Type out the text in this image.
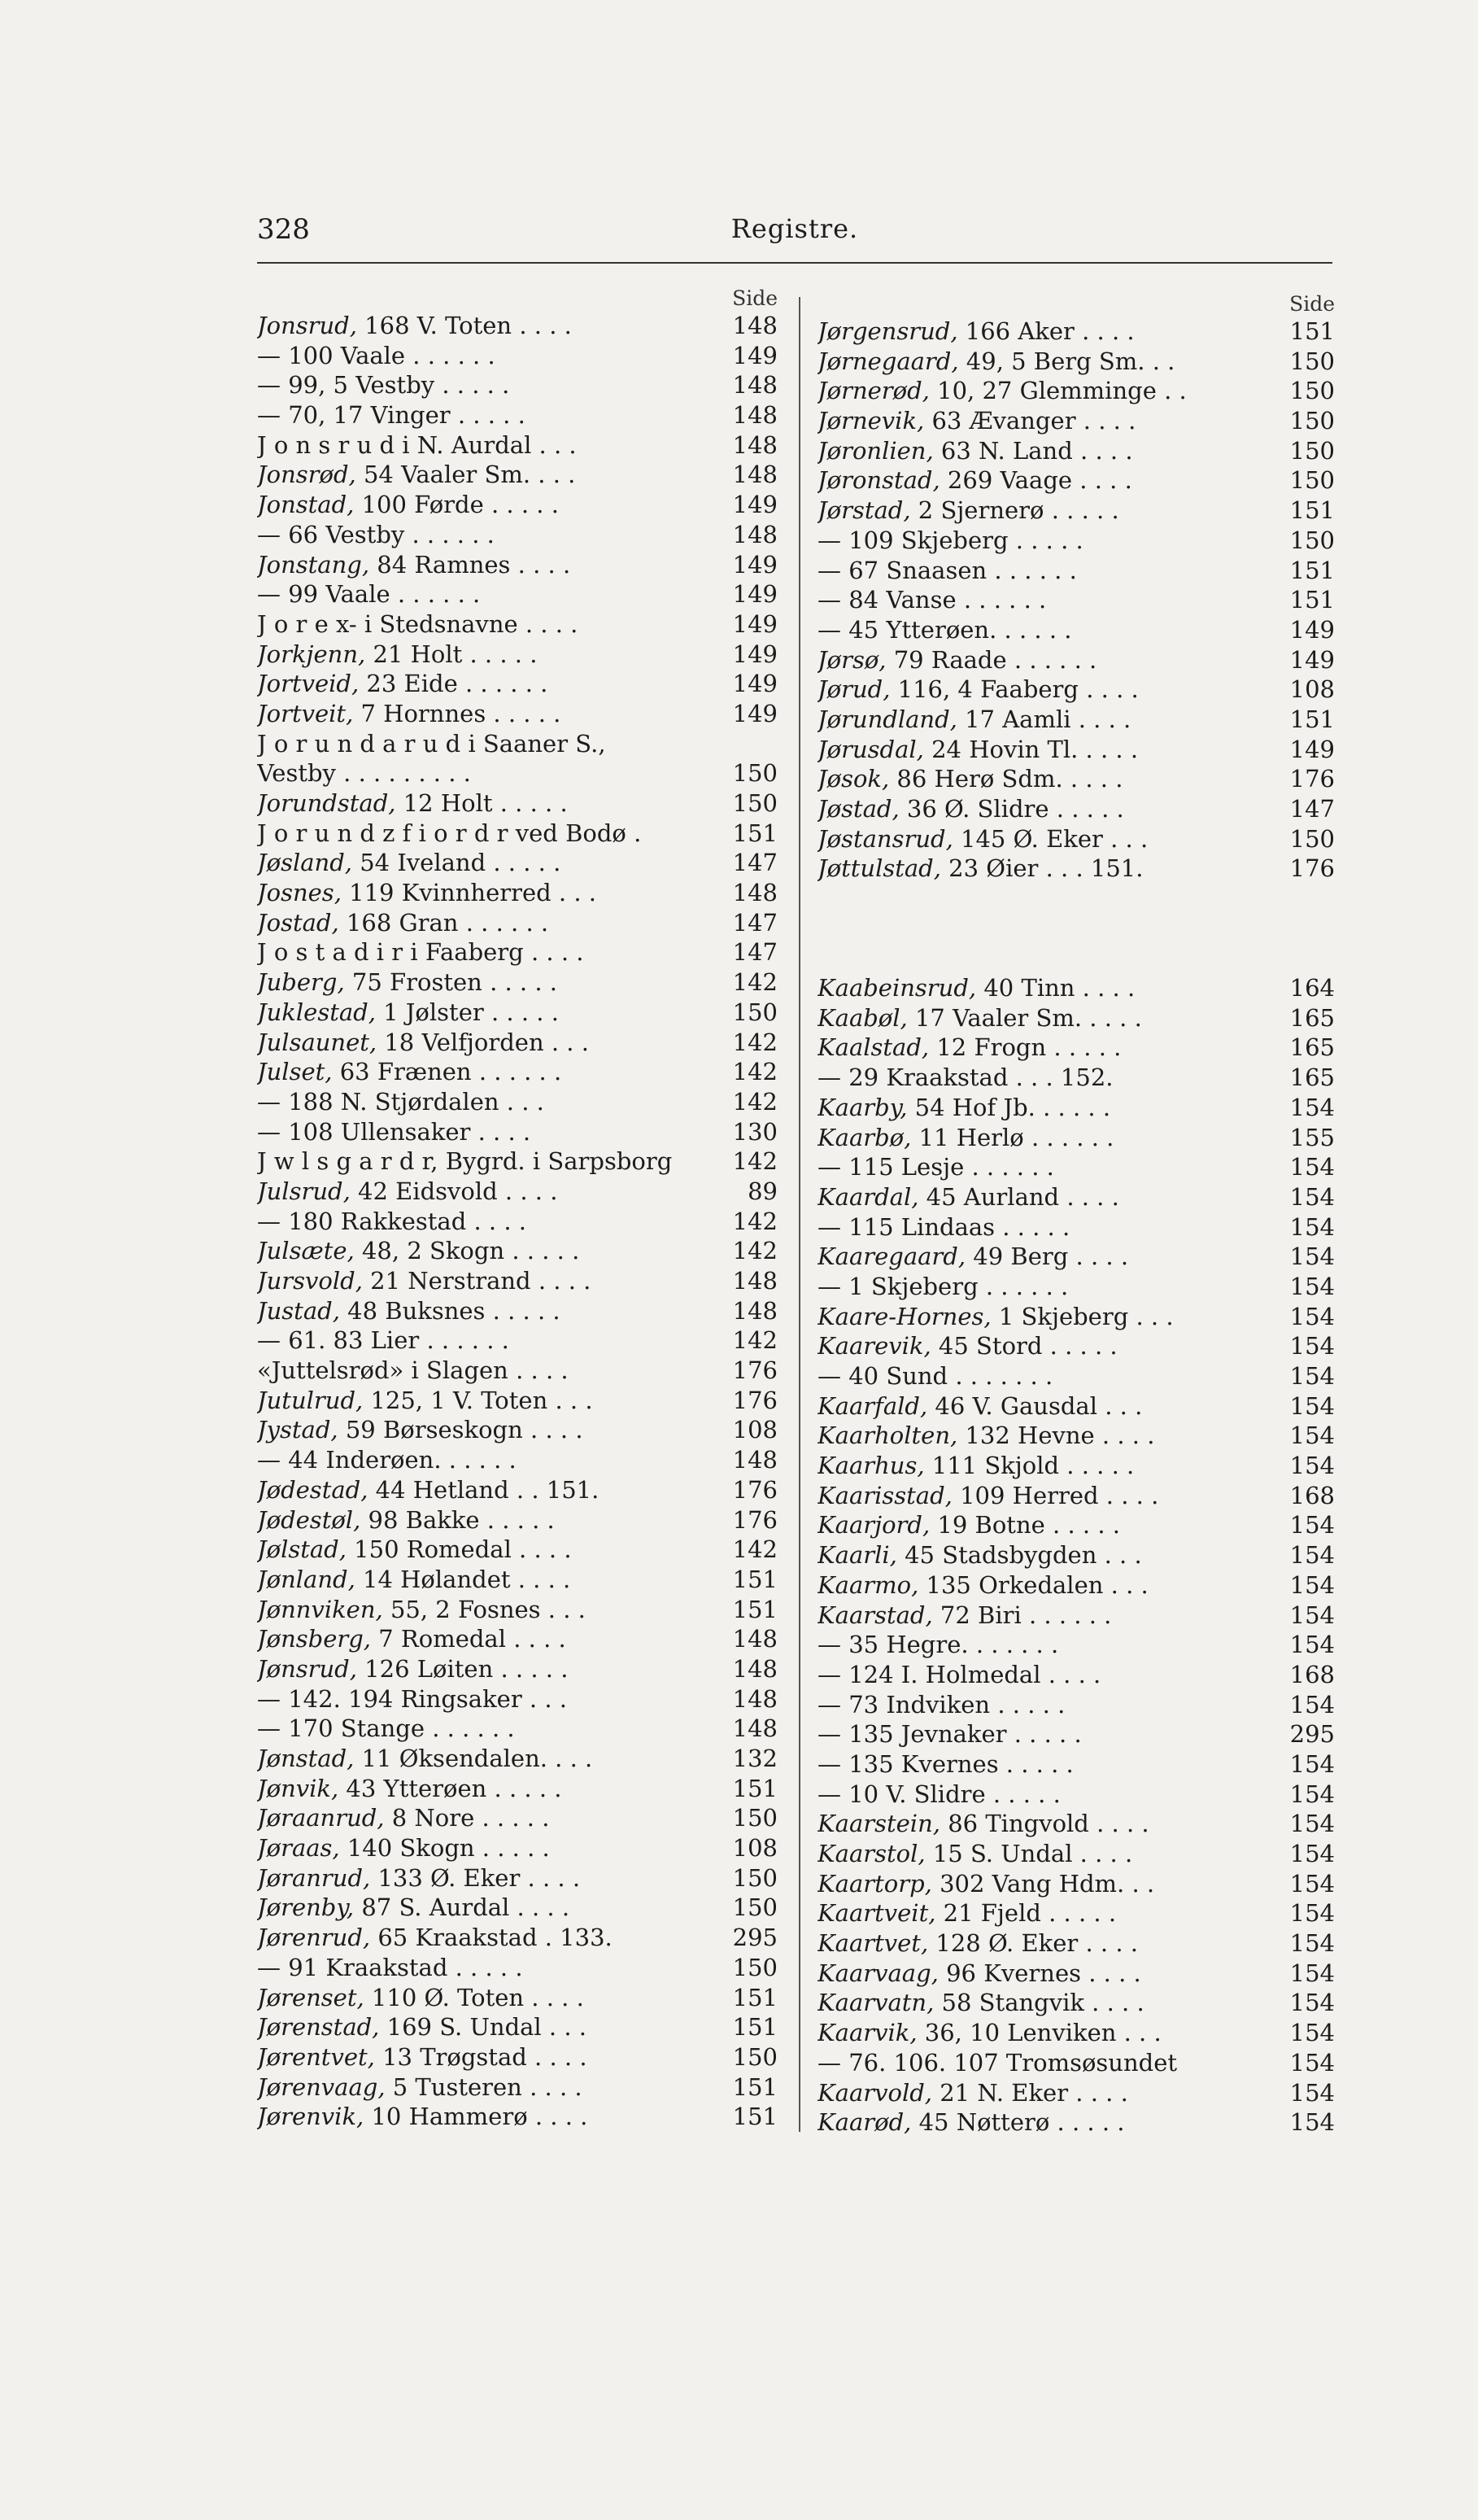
328	Registre.
Side
Jonsrud, 168 V. Toten . . . .	148
— 100 Vaale . . . . . .	149
— 99, 5 Vestby . . . . .	148
— 70, 17 Vinger . . . . .	148
J o n s r u d i N. Aurdal . . .	148
Jonsrød, 54 Vaaler Sm. . . .	148
Jonstad, 100 Førde . . . . .	149
— 66 Vestby . . . . . .	148
Jonstang, 84 Ramnes . . . .	149
— 99 Vaale . . . . . .	149
J o r e x- i Stedsnavne . . . .	149
Jorkjenn, 21 Holt . . . . .	149
Jortveid, 23 Eide . . . . . .	149
Jortveit, 7 Hornnes . . . . .	149
J o r u n d a r u d i Saaner S.,
Vestby . . . . . . . . .	150
Jorundstad, 12 Holt . . . . .	150
J o r u n d z f i o r d r ved Bodø .	151
Jøsland, 54 Iveland . . . . .	147
Josnes, 119 Kvinnherred . . .	148
Jostad, 168 Gran . . . . . .	147
J o s t a d i r i Faaberg . . . .	147
Juberg, 75 Frosten . . . . .	142
Juklestad, 1 Jølster . . . . .	150
Julsaunet, 18 Velfjorden . . .	142
Julset, 63 Frænen . . . . . .	142
— 188 N. Stjørdalen . . .	142
— 108 Ullensaker . . . .	130
J w l s g a r d r, Bygrd. i Sarpsborg	142
Julsrud, 42 Eidsvold . . . .	89
— 180 Rakkestad . . . .	142
Julsæte, 48, 2 Skogn . . . . .	142
Jursvold, 21 Nerstrand . . . .	148
Justad, 48 Buksnes . . . . .	148
— 61. 83 Lier . . . . . .	142
«Juttelsrød» i Slagen . . . .	176
Jutulrud, 125, 1 V. Toten . . .	176
Jystad, 59 Børseskogn . . . .	108
— 44 Inderøen. . . . . .	148
Jødestad, 44 Hetland . . 151.	176
Jødestøl, 98 Bakke . . . . .	176
Jølstad, 150 Romedal . . . .	142
Jønland, 14 Hølandet . . . .	151
Jønnviken, 55, 2 Fosnes . . .	151
Jønsberg, 7 Romedal . . . .	148
Jønsrud, 126 Løiten . . . . .	148
— 142. 194 Ringsaker . . .	148
— 170 Stange . . . . . .	148
Jønstad, 11 Øksendalen. . . .	132
Jønvik, 43 Ytterøen . . . . .	151
Jøraanrud, 8 Nore . . . . .	150
Jøraas, 140 Skogn . . . . .	108
Jøranrud, 133 Ø. Eker . . . .	150
Jørenby, 87 S. Aurdal . . . .	150
Jørenrud, 65 Kraakstad . 133.	295
— 91 Kraakstad . . . . .	150
Jørenset, 110 Ø. Toten . . . .	151
Jørenstad, 169 S. Undal . . .	151
Jørentvet, 13 Trøgstad . . . .	150
Jørenvaag, 5 Tusteren . . . .	151
Jørenvik, 10 Hammerø . . . .	151
Side
Jørgensrud, 166 Aker . . . .	151
Jørnegaard, 49, 5 Berg Sm. . .	150
Jørnerød, 10, 27 Glemminge . .	150
Jørnevik, 63 Ævanger . . . .	150
Jøronlien, 63 N. Land . . . .	150
Jøronstad, 269 Vaage . . . .	150
Jørstad, 2 Sjernerø . . . . .	151
— 109 Skjeberg . . . . .	150
— 67 Snaasen . . . . . .	151
— 84 Vanse . . . . . .	151
— 45 Ytterøen. . . . . .	149
Jørsø, 79 Raade . . . . . .	149
Jørud, 116, 4 Faaberg . . . .	108
Jørundland, 17 Aamli . . . .	151
Jørusdal, 24 Hovin Tl. . . . .	149
Jøsok, 86 Herø Sdm. . . . .	176
Jøstad, 36 Ø. Slidre . . . . .	147
Jøstansrud, 145 Ø. Eker . . .	150
Jøttulstad, 23 Øier . . . 151.	176
Kaabeinsrud, 40 Tinn . . . .	164
Kaabøl, 17 Vaaler Sm. . . . .	165
Kaalstad, 12 Frogn . . . . .	165
— 29 Kraakstad . . . 152.	165
Kaarby, 54 Hof Jb. . . . . .	154
Kaarbø, 11 Herlø . . . . . .	155
— 115 Lesje . . . . . .	154
Kaardal, 45 Aurland . . . .	154
— 115 Lindaas . . . . .	154
Kaaregaard, 49 Berg . . . .	154
— 1 Skjeberg . . . . . .	154
Kaare-Hornes, 1 Skjeberg . . .	154
Kaarevik, 45 Stord . . . . .	154
— 40 Sund . . . . . . .	154
Kaarfald, 46 V. Gausdal . . .	154
Kaarholten, 132 Hevne . . . .	154
Kaarhus, 111 Skjold . . . . .	154
Kaarisstad, 109 Herred . . . .	168
Kaarjord, 19 Botne . . . . .	154
Kaarli, 45 Stadsbygden . . .	154
Kaarmo, 135 Orkedalen . . .	154
Kaarstad, 72 Biri . . . . . .	154
— 35 Hegre. . . . . . .	154
— 124 I. Holmedal . . . .	168
— 73 Indviken . . . . .	154
— 135 Jevnaker . . . . .	295
— 135 Kvernes . . . . .	154
— 10 V. Slidre . . . . .	154
Kaarstein, 86 Tingvold . . . .	154
Kaarstol, 15 S. Undal . . . .	154
Kaartorp, 302 Vang Hdm. . .	154
Kaartveit, 21 Fjeld . . . . .	154
Kaartvet, 128 Ø. Eker . . . .	154
Kaarvaag, 96 Kvernes . . . .	154
Kaarvatn, 58 Stangvik . . . .	154
Kaarvik, 36, 10 Lenviken . . .	154
— 76. 106. 107 Tromsøsundet	154
Kaarvold, 21 N. Eker . . . .	154
Kaarød, 45 Nøtterø . . . . .	154
